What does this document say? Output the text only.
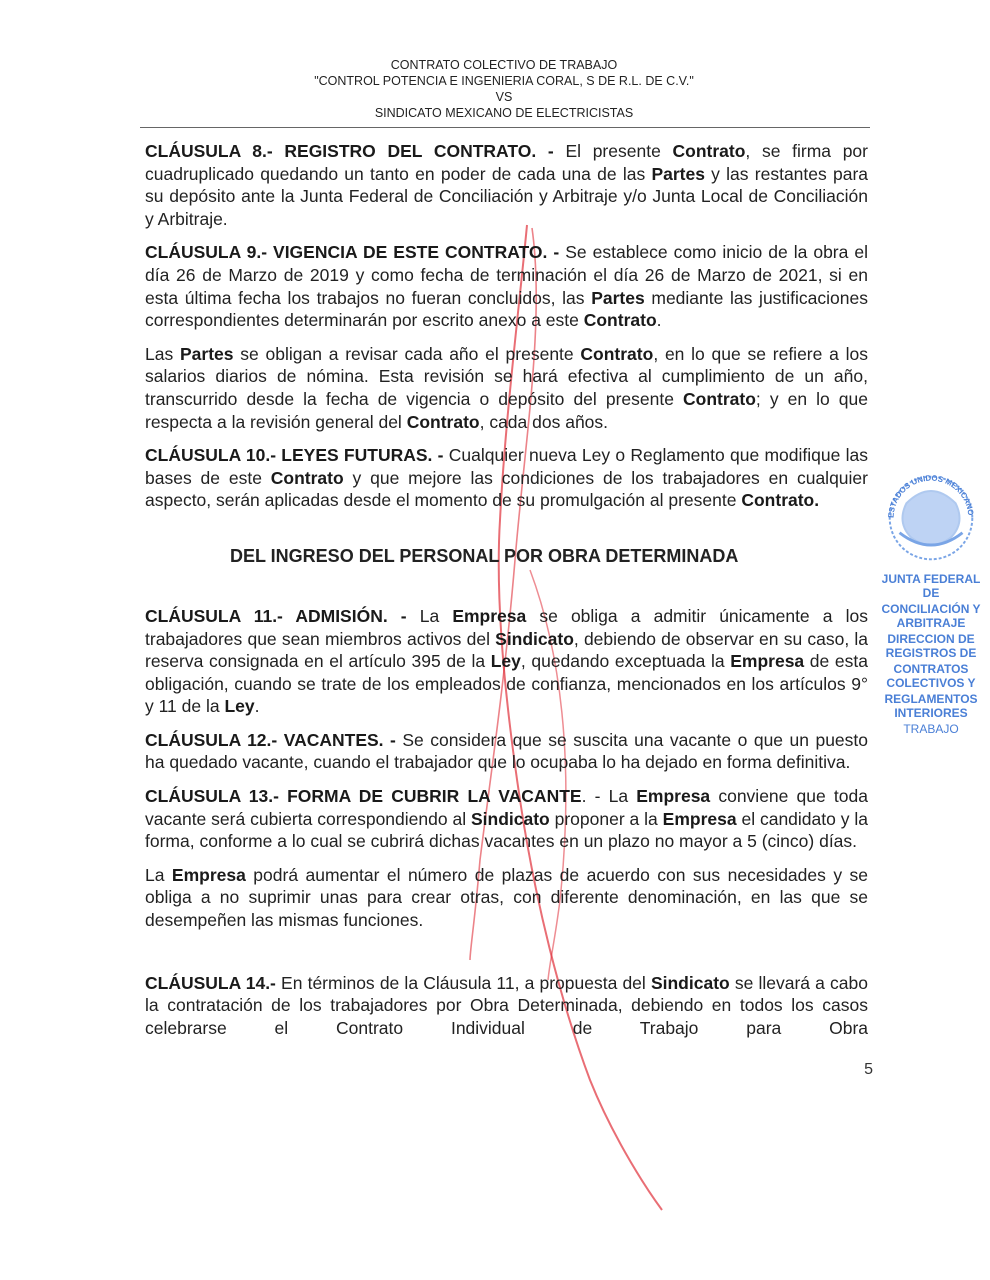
CONTRATO COLECTIVO DE TRABAJO
"CONTROL POTENCIA E INGENIERIA CORAL, S DE R.L. DE C.V."
VS
SINDICATO MEXICANO DE ELECTRICISTAS
CLÁUSULA 8.- REGISTRO DEL CONTRATO. - El presente Contrato, se firma por cuadruplicado quedando un tanto en poder de cada una de las Partes y las restantes para su depósito ante la Junta Federal de Conciliación y Arbitraje y/o Junta Local de Conciliación y Arbitraje.
CLÁUSULA 9.- VIGENCIA DE ESTE CONTRATO. - Se establece como inicio de la obra el día 26 de Marzo de 2019 y como fecha de terminación el día 26 de Marzo de 2021, si en esta última fecha los trabajos no fueran concluidos, las Partes mediante las justificaciones correspondientes determinarán por escrito anexo a este Contrato.
Las Partes se obligan a revisar cada año el presente Contrato, en lo que se refiere a los salarios diarios de nómina. Esta revisión se hará efectiva al cumplimiento de un año, transcurrido desde la fecha de vigencia o depósito del presente Contrato; y en lo que respecta a la revisión general del Contrato, cada dos años.
CLÁUSULA 10.- LEYES FUTURAS. - Cualquier nueva Ley o Reglamento que modifique las bases de este Contrato y que mejore las condiciones de los trabajadores en cualquier aspecto, serán aplicadas desde el momento de su promulgación al presente Contrato.
DEL INGRESO DEL PERSONAL POR OBRA DETERMINADA
CLÁUSULA 11.- ADMISIÓN. - La Empresa se obliga a admitir únicamente a los trabajadores que sean miembros activos del Sindicato, debiendo de observar en su caso, la reserva consignada en el artículo 395 de la Ley, quedando exceptuada la Empresa de esta obligación, cuando se trate de los empleados de confianza, mencionados en los artículos 9° y 11 de la Ley.
CLÁUSULA 12.- VACANTES. - Se considera que se suscita una vacante o que un puesto ha quedado vacante, cuando el trabajador que lo ocupaba lo ha dejado en forma definitiva.
CLÁUSULA 13.- FORMA DE CUBRIR LA VACANTE. - La Empresa conviene que toda vacante será cubierta correspondiendo al Sindicato proponer a la Empresa el candidato y la forma, conforme a lo cual se cubrirá dichas vacantes en un plazo no mayor a 5 (cinco) días.
La Empresa podrá aumentar el número de plazas de acuerdo con sus necesidades y se obliga a no suprimir unas para crear otras, con diferente denominación, en las que se desempeñen las mismas funciones.
CLÁUSULA 14.- En términos de la Cláusula 11, a propuesta del Sindicato se llevará a cabo la contratación de los trabajadores por Obra Determinada, debiendo en todos los casos celebrarse el Contrato Individual de Trabajo para Obra
5
ESTADOS UNIDOS MEXICANO
JUNTA FEDERAL DE
CONCILIACIÓN Y ARBITRAJE
DIRECCION DE REGISTROS DE
CONTRATOS COLECTIVOS Y
REGLAMENTOS INTERIORES
TRABAJO
